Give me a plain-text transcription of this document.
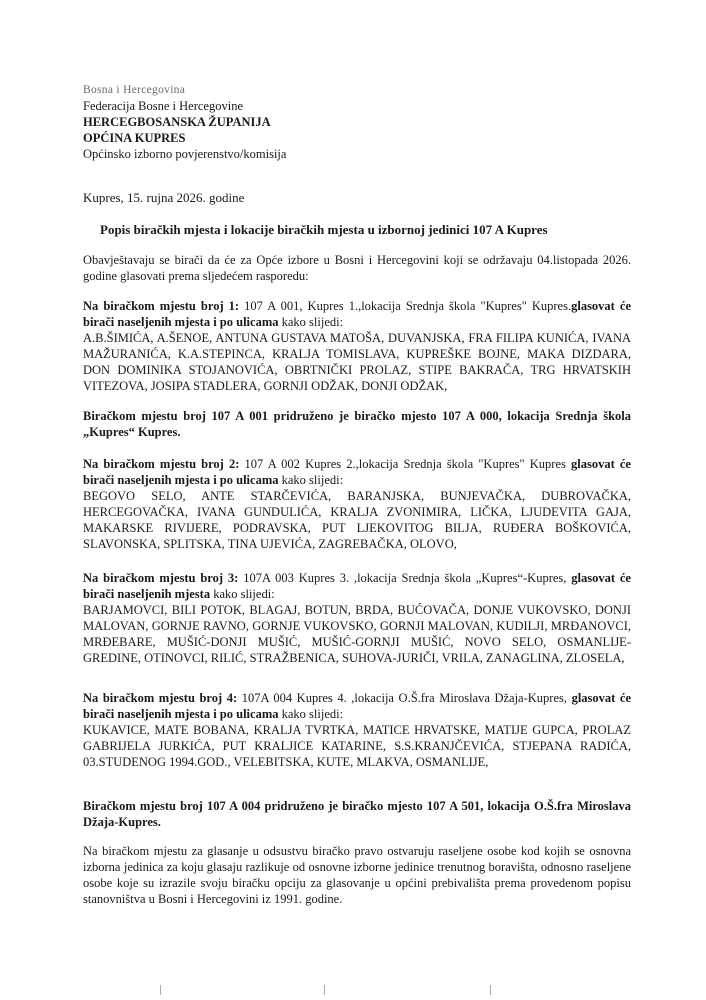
Bosna i Hercegovina
Federacija Bosne i Hercegovine
HERCEGBOSANSKA ŽUPANIJA
OPĆINA KUPRES
Općinsko izborno povjerenstvo/komisija
Kupres, 15. rujna 2026. godine
Popis biračkih mjesta i lokacije biračkih mjesta u izbornoj jedinici 107 A Kupres
Obavještavaju se birači da će za Opće izbore u Bosni i Hercegovini koji se održavaju 04.listopada 2026. godine glasovati prema sljedećem rasporedu:
Na biračkom mjestu broj 1: 107 A 001, Kupres 1.,lokacija Srednja škola "Kupres" Kupres.glasovat će birači naseljenih mjesta i po ulicama kako slijedi:
A.B.ŠIMIĆA, A.ŠENOE, ANTUNA GUSTAVA MATOŠA, DUVANJSKA, FRA FILIPA KUNIĆA, IVANA MAŽURANIĆA, K.A.STEPINCA, KRALJA TOMISLAVA, KUPREŠKE BOJNE, MAKA DIZDARA, DON DOMINIKA STOJANOVIĆA, OBRTNIČKI PROLAZ, STIPE BAKRAČA, TRG HRVATSKIH VITEZOVA, JOSIPA STADLERA, GORNJI ODŽAK, DONJI ODŽAK,
Biračkom mjestu broj 107 A 001 pridruženo je biračko mjesto 107 A 000, lokacija Srednja škola „Kupres“ Kupres.
Na biračkom mjestu broj 2: 107 A 002 Kupres 2.,lokacija Srednja škola "Kupres" Kupres glasovat će birači naseljenih mjesta i po ulicama kako slijedi:
BEGOVO SELO, ANTE STARČEVIĆA, BARANJSKA, BUNJEVAČKA, DUBROVAČKA, HERCEGOVAČKA, IVANA GUNDULIĆA, KRALJA ZVONIMIRA, LIČKA, LJUDEVITA GAJA, MAKARSKE RIVIJERE, PODRAVSKA, PUT LJEKOVITOG BILJA, RUĐERA BOŠKOVIĆA, SLAVONSKA, SPLITSKA, TINA UJEVIĆA, ZAGREBAČKA, OLOVO,
Na biračkom mjestu broj 3: 107A 003 Kupres 3. ,lokacija Srednja škola „Kupres“-Kupres, glasovat će birači naseljenih mjesta kako slijedi:
BARJAMOVCI, BILI POTOK, BLAGAJ, BOTUN, BRDA, BUĆOVAČA, DONJE VUKOVSKO, DONJI MALOVAN, GORNJE RAVNO, GORNJE VUKOVSKO, GORNJI MALOVAN, KUDILJI, MRĐANOVCI, MRĐEBARE, MUŠIĆ-DONJI MUŠIĆ, MUŠIĆ-GORNJI MUŠIĆ, NOVO SELO, OSMANLIJE-GREDINE, OTINOVCI, RILIĆ, STRAŽBENICA, SUHOVA-JURIČI, VRILA, ZANAGLINA, ZLOSELA,
Na biračkom mjestu broj 4: 107A 004 Kupres 4. ,lokacija O.Š.fra Miroslava Džaja-Kupres, glasovat će birači naseljenih mjesta i po ulicama kako slijedi:
KUKAVICE, MATE BOBANA, KRALJA TVRTKA, MATICE HRVATSKE, MATIJE GUPCA, PROLAZ GABRIJELA JURKIĆA, PUT KRALJICE KATARINE, S.S.KRANJČEVIĆA, STJEPANA RADIĆA, 03.STUDENOG 1994.GOD., VELEBITSKA, KUTE, MLAKVA, OSMANLIJE,
Biračkom mjestu broj 107 A 004 pridruženo je biračko mjesto 107 A 501, lokacija O.Š.fra Miroslava Džaja-Kupres.
Na biračkom mjestu za glasanje u odsustvu biračko pravo ostvaruju raseljene osobe kod kojih se osnovna izborna jedinica za koju glasaju razlikuje od osnovne izborne jedinice trenutnog boravišta, odnosno raseljene osobe koje su izrazile svoju biračku opciju za glasovanje u općini prebivališta prema provedenom popisu stanovništva u Bosni i Hercegovini iz 1991. godine.
